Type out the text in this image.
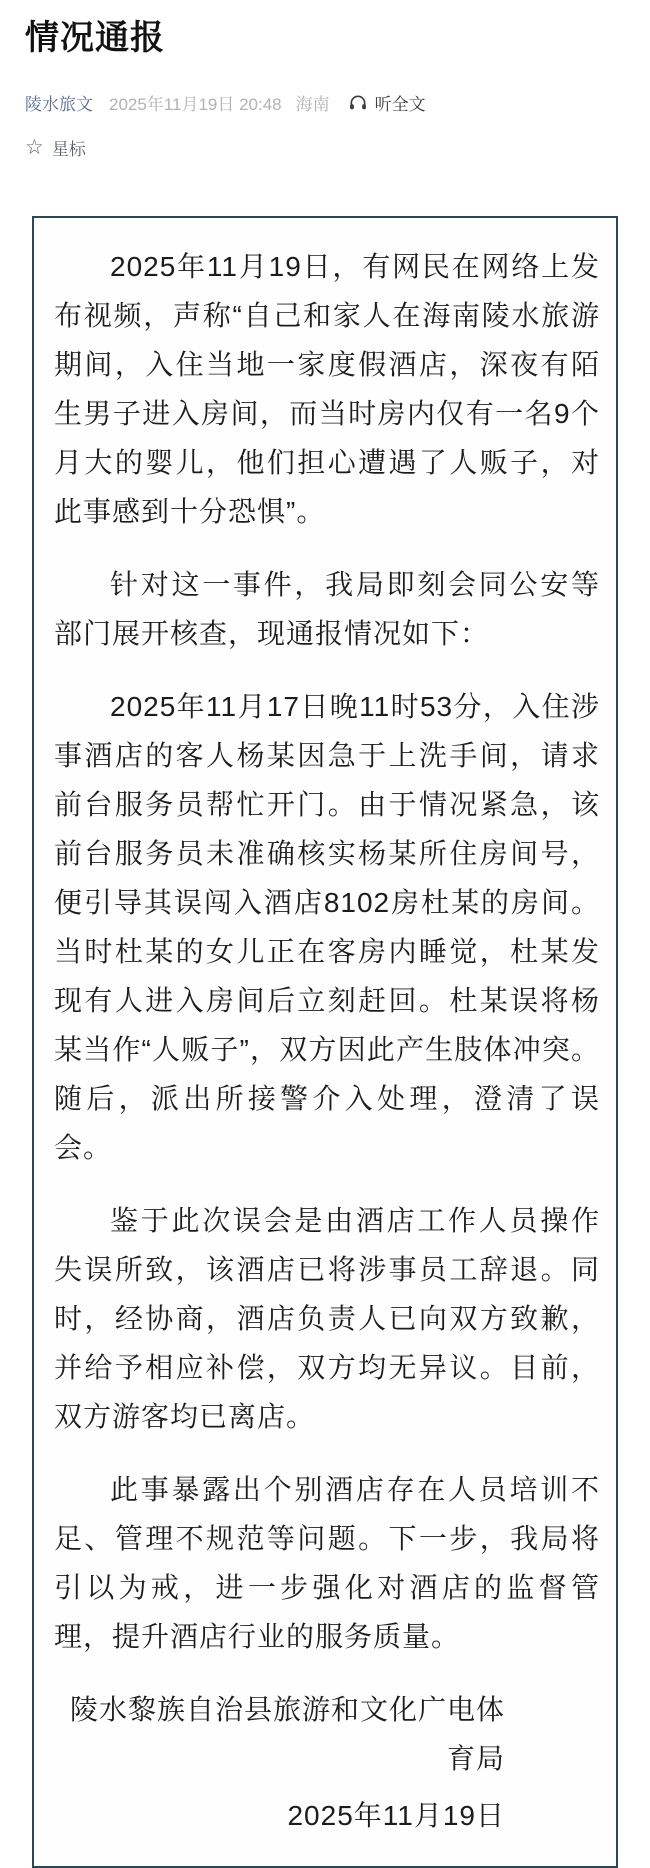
情况通报
陵水旅文 2025年11月19日 20:48 海南	听全文
☆ 星标

2025年11月19日，有网民在网络上发布视频，声称“自己和家人在海南陵水旅游期间，入住当地一家度假酒店，深夜有陌生男子进入房间，而当时房内仅有一名9个月大的婴儿，他们担心遭遇了人贩子，对此事感到十分恐惧”。

针对这一事件，我局即刻会同公安等部门展开核查，现通报情况如下：

2025年11月17日晚11时53分，入住涉事酒店的客人杨某因急于上洗手间，请求前台服务员帮忙开门。由于情况紧急，该前台服务员未准确核实杨某所住房间号，便引导其误闯入酒店8102房杜某的房间。当时杜某的女儿正在客房内睡觉，杜某发现有人进入房间后立刻赶回。杜某误将杨某当作“人贩子”，双方因此产生肢体冲突。随后，派出所接警介入处理，澄清了误会。

鉴于此次误会是由酒店工作人员操作失误所致，该酒店已将涉事员工辞退。同时，经协商，酒店负责人已向双方致歉，并给予相应补偿，双方均无异议。目前，双方游客均已离店。

此事暴露出个别酒店存在人员培训不足、管理不规范等问题。下一步，我局将引以为戒，进一步强化对酒店的监督管理，提升酒店行业的服务质量。

陵水黎族自治县旅游和文化广电体育局

2025年11月19日
